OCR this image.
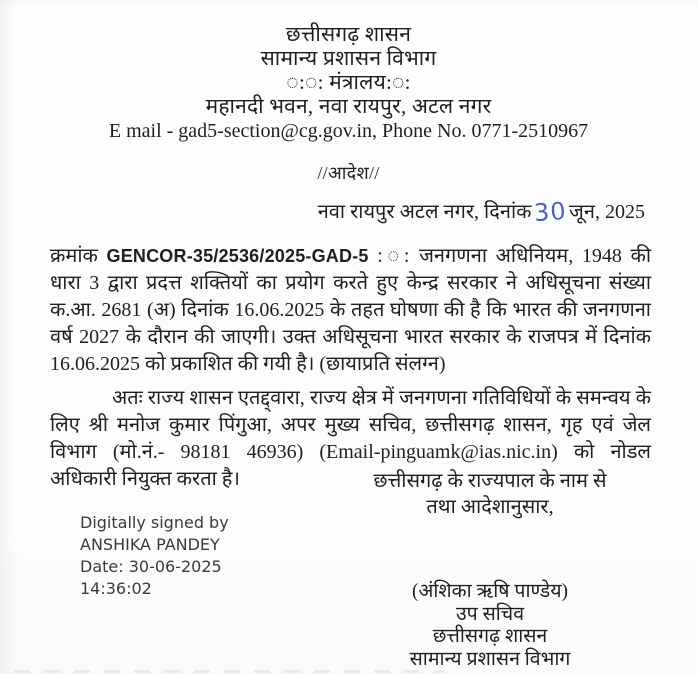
छत्तीसगढ़ शासन
सामान्य प्रशासन विभाग
◌:◌: मंत्रालय:◌:
महानदी भवन, नवा रायपुर, अटल नगर
E mail - gad5-section@cg.gov.in, Phone No. 0771-2510967
//आदेश//
नवा रायपुर अटल नगर, दिनांक30 जून, 2025

क्रमांक GENCOR-35/2536/2025-GAD-5 :◌: जनगणना अधिनियम, 1948 की धारा 3 द्वारा प्रदत्त शक्तियों का प्रयोग करते हुए केन्द्र सरकार ने अधिसूचना संख्या क.आ. 2681 (अ) दिनांक 16.06.2025 के तहत घोषणा की है कि भारत की जनगणना वर्ष 2027 के दौरान की जाएगी। उक्त अधिसूचना भारत सरकार के राजपत्र में दिनांक 16.06.2025 को प्रकाशित की गयी है। (छायाप्रति संलग्न)

अतः राज्य शासन एतद्द्वारा, राज्य क्षेत्र में जनगणना गतिविधियों के समन्वय के लिए श्री मनोज कुमार पिंगुआ, अपर मुख्य सचिव, छत्तीसगढ़ शासन, गृह एवं जेल विभाग (मो.नं.- 98181 46936) (Email-pinguamk@ias.nic.in) को नोडल अधिकारी नियुक्त करता है।	छत्तीसगढ़ के राज्यपाल के नाम से
तथा आदेशानुसार,
Digitally signed by
ANSHIKA PANDEY
Date: 30-06-2025
14:36:02	(अंशिका ऋषि पाण्डेय)
उप सचिव
छत्तीसगढ़ शासन
सामान्य प्रशासन विभाग
